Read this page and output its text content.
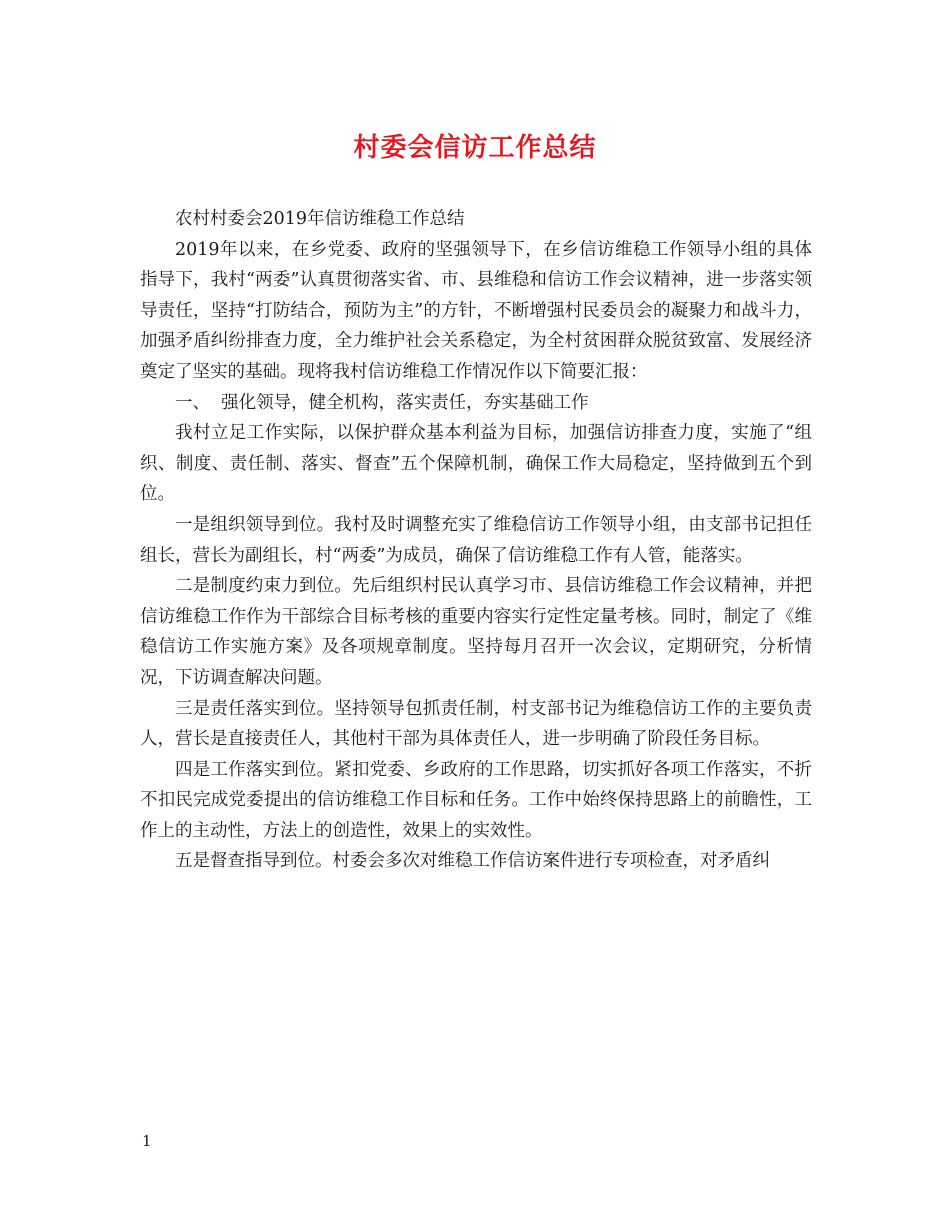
村委会信访工作总结

农村村委会2019年信访维稳工作总结

2019年以来，在乡党委、政府的坚强领导下，在乡信访维稳工作领导小组的具体指导下，我村“两委”认真贯彻落实省、市、县维稳和信访工作会议精神，进一步落实领导责任，坚持“打防结合，预防为主”的方针，不断增强村民委员会的凝聚力和战斗力，加强矛盾纠纷排查力度，全力维护社会关系稳定，为全村贫困群众脱贫致富、发展经济奠定了坚实的基础。现将我村信访维稳工作情况作以下简要汇报：

一、  强化领导，健全机构，落实责任，夯实基础工作

我村立足工作实际，以保护群众基本利益为目标，加强信访排查力度，实施了“组织、制度、责任制、落实、督查”五个保障机制，确保工作大局稳定，坚持做到五个到位。

一是组织领导到位。我村及时调整充实了维稳信访工作领导小组，由支部书记担任组长，营长为副组长，村“两委”为成员，确保了信访维稳工作有人管，能落实。

二是制度约束力到位。先后组织村民认真学习市、县信访维稳工作会议精神，并把信访维稳工作作为干部综合目标考核的重要内容实行定性定量考核。同时，制定了《维稳信访工作实施方案》及各项规章制度。坚持每月召开一次会议，定期研究，分析情况，下访调查解决问题。

三是责任落实到位。坚持领导包抓责任制，村支部书记为维稳信访工作的主要负责人，营长是直接责任人，其他村干部为具体责任人，进一步明确了阶段任务目标。

四是工作落实到位。紧扣党委、乡政府的工作思路，切实抓好各项工作落实，不折不扣民完成党委提出的信访维稳工作目标和任务。工作中始终保持思路上的前瞻性，工作上的主动性，方法上的创造性，效果上的实效性。

五是督查指导到位。村委会多次对维稳工作信访案件进行专项检查，对矛盾纠

1
